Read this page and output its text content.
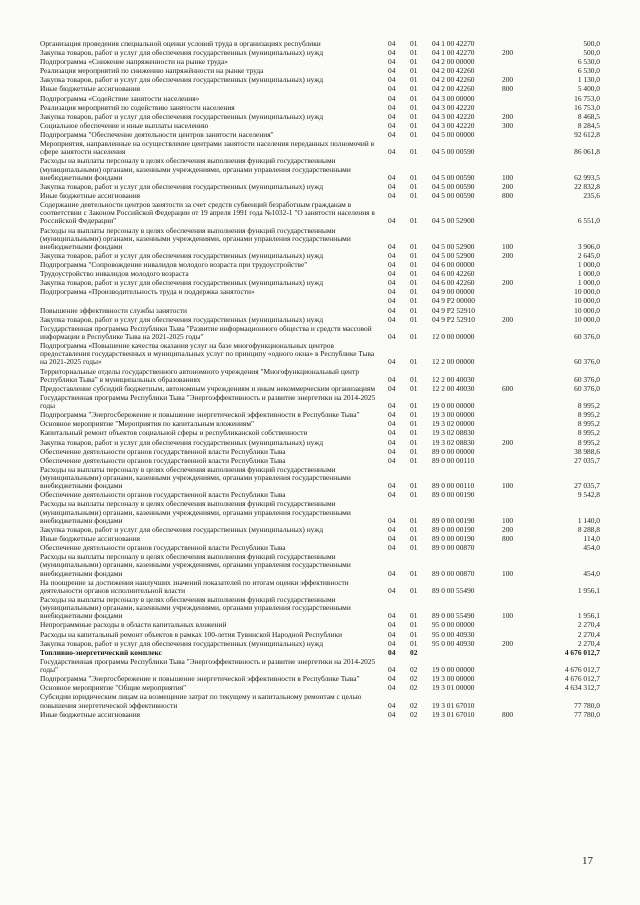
Организация проведения специальной оценки условий труда в организациях республики	04	01	04 1 00 42270	500,0
Закупка товаров, работ и услуг для обеспечения государственных (муниципальных) нужд	04	01	04 1 00 42270	200	500,0
Подпрограмма «Снижение напряженности на рынке труда»	04	01	04 2 00 00000	6 530,0
Реализация мероприятий по снижению напряжённости на рынке труда	04	01	04 2 00 42260	6 530,0
Закупка товаров, работ и услуг для обеспечения государственных (муниципальных) нужд	04	01	04 2 00 42260	200	1 130,0
Иные бюджетные ассигнования	04	01	04 2 00 42260	800	5 400,0
Подпрограмма «Содействие занятости населения»	04	01	04 3 00 00000	16 753,0
Реализация мероприятий по содействию занятости населения	04	01	04 3 00 42220	16 753,0
Закупка товаров, работ и услуг для обеспечения государственных (муниципальных) нужд	04	01	04 3 00 42220	200	8 468,5
Социальное обеспечение и иные выплаты населению	04	01	04 3 00 42220	300	8 284,5
Подпрограмма "Обеспечение деятельности центров занятости населения"	04	01	04 5 00 00000	92 612,8
Мероприятия, направленные на осуществление центрами занятости населения переданных полномочий в сфере занятости населения	04	01	04 5 00 00590	86 061,8
Расходы на выплаты персоналу в целях обеспечения выполнения функций государственными (муниципальными) органами, казенными учреждениями, органами управления государственными внебюджетными фондами	04	01	04 5 00 00590	100	62 993,5
Закупка товаров, работ и услуг для обеспечения государственных (муниципальных) нужд	04	01	04 5 00 00590	200	22 832,8
Иные бюджетные ассигнования	04	01	04 5 00 00590	800	235,6
Содержание деятельности центров занятости за счет средств субвенций безработным гражданам в соответствии с Законом Российской Федерации от 19 апреля 1991 года №1032-1 "О занятости населения в Российской Федерации"	04	01	04 5 00 52900	6 551,0
Расходы на выплаты персоналу в целях обеспечения выполнения функций государственными (муниципальными) органами, казенными учреждениями, органами управления государственными внебюджетными фондами	04	01	04 5 00 52900	100	3 906,0
Закупка товаров, работ и услуг для обеспечения государственных (муниципальных) нужд	04	01	04 5 00 52900	200	2 645,0
Подпрограмма "Сопровождение инвалидов молодого возраста при трудоустройстве"	04	01	04 6 00 00000	1 000,0
Трудоустройство инвалидов молодого возраста	04	01	04 6 00 42260	1 000,0
Закупка товаров, работ и услуг для обеспечения государственных (муниципальных) нужд	04	01	04 6 00 42260	200	1 000,0
Подпрограмма «Производительность труда и поддержка занятости»	04	01	04 9 00 00000	10 000,0
04	01	04 9 P2 00000	10 000,0
Повышение эффективности службы занятости	04	01	04 9 P2 52910	10 000,0
Закупка товаров, работ и услуг для обеспечения государственных (муниципальных) нужд	04	01	04 9 P2 52910	200	10 000,0
Государственная программа Республики Тыва "Развитие информационного общества и средств массовой информации в Республике Тыва на 2021-2025 годы"	04	01	12 0 00 00000	60 376,0
Подпрограмма «Повышение качества оказания услуг на базе многофункциональных центров предоставления государственных и муниципальных услуг по принципу «одного окна» в Республике Тыва на 2021-2025 годы»	04	01	12 2 00 00000	60 376,0
Территориальные отделы государственного автономного учреждения "Многофункциональный центр Республики Тыва" в муниципальных образованиях	04	01	12 2 00 40030	60 376,0
Предоставление субсидий бюджетным, автономным учреждениям и иным некоммерческим организациям	04	01	12 2 00 40030	600	60 376,0
Государственная программа Республики Тыва "Энергоэффективность и развитие энергетики на 2014-2025 годы	04	01	19 0 00 00000	8 995,2
Подпрограмма "Энергосбережение и повышение энергетической эффективности в Республике Тыва"	04	01	19 3 00 00000	8 995,2
Основное мероприятие "Мероприятия по капитальным вложениям"	04	01	19 3 02 00000	8 995,2
Капитальный ремонт объектов социальной сферы и республиканской собственности	04	01	19 3 02 08830	8 995,2
Закупка товаров, работ и услуг для обеспечения государственных (муниципальных) нужд	04	01	19 3 02 08830	200	8 995,2
Обеспечение деятельности органов государственной власти Республики Тыва	04	01	89 0 00 00000	38 988,6
Обеспечение деятельности органов государственной власти Республики Тыва	04	01	89 0 00 00110	27 035,7
Расходы на выплаты персоналу в целях обеспечения выполнения функций государственными (муниципальными) органами, казенными учреждениями, органами управления государственными внебюджетными фондами	04	01	89 0 00 00110	100	27 035,7
Обеспечение деятельности органов государственной власти Республики Тыва	04	01	89 0 00 00190	9 542,8
Расходы на выплаты персоналу в целях обеспечения выполнения функций государственными (муниципальными) органами, казенными учреждениями, органами управления государственными внебюджетными фондами	04	01	89 0 00 00190	100	1 140,0
Закупка товаров, работ и услуг для обеспечения государственных (муниципальных) нужд	04	01	89 0 00 00190	200	8 288,8
Иные бюджетные ассигнования	04	01	89 0 00 00190	800	114,0
Обеспечение деятельности органов государственной власти Республики Тыва	04	01	89 0 00 00870	454,0
Расходы на выплаты персоналу в целях обеспечения выполнения функций государственными (муниципальными) органами, казенными учреждениями, органами управления государственными внебюджетными фондами	04	01	89 0 00 00870	100	454,0
На поощрение за достижения наилучших значений показателей по итогам оценки эффективности деятельности органов исполнительной власти	04	01	89 0 00 55490	1 956,1
Расходы на выплаты персоналу в целях обеспечения выполнения функций государственными (муниципальными) органами, казенными учреждениями, органами управления государственными внебюджетными фондами	04	01	89 0 00 55490	100	1 956,1
Непрограммные расходы в области капитальных вложений	04	01	95 0 00 00000	2 270,4
Расходы на капитальный ремонт объектов в рамках 100-летия Тувинской Народной Республики	04	01	95 0 00 40930	2 270,4
Закупка товаров, работ и услуг для обеспечения государственных (муниципальных) нужд	04	01	95 0 00 40930	200	2 270,4
Топливно-энергетический комплекс	04	02	4 676 012,7
Государственная программа Республики Тыва "Энергоэффективность и развитие энергетики на 2014-2025 годы"	04	02	19 0 00 00000	4 676 012,7
Подпрограмма "Энергосбережение и повышение энергетической эффективности в Республике Тыва"	04	02	19 3 00 00000	4 676 012,7
Основное мероприятие "Общие мероприятия"	04	02	19 3 01 00000	4 634 312,7
Субсидии юридическим лицам на возмещение затрат по текущему и капитальному ремонтам с целью повышения энергетической эффективности	04	02	19 3 01 67010	77 780,0
Иные бюджетные ассигнования	04	02	19 3 01 67010	800	77 780,0
17
